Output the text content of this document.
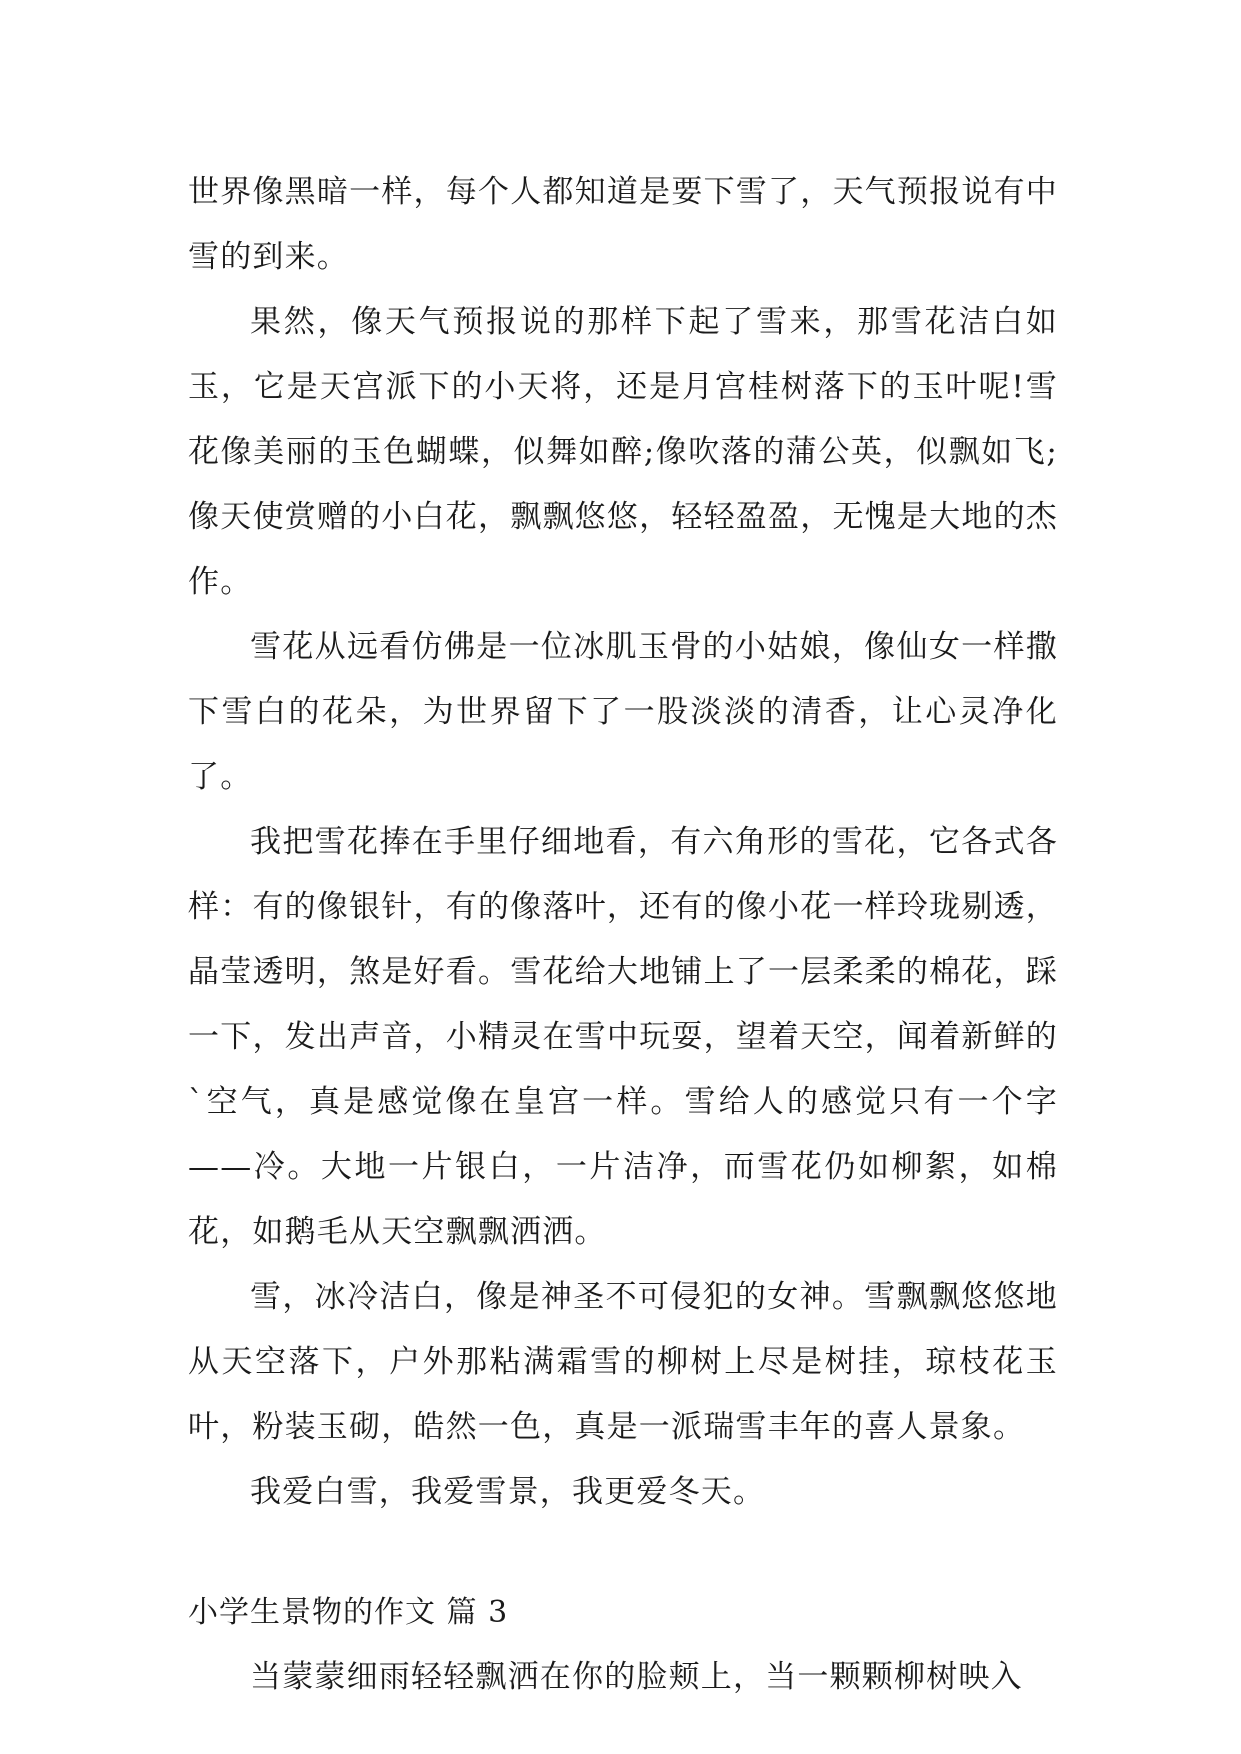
世界像黑暗一样，每个人都知道是要下雪了，天气预报说有中雪的到来。

果然，像天气预报说的那样下起了雪来，那雪花洁白如玉，它是天宫派下的小天将，还是月宫桂树落下的玉叶呢!雪花像美丽的玉色蝴蝶，似舞如醉;像吹落的蒲公英，似飘如飞;像天使赏赠的小白花，飘飘悠悠，轻轻盈盈，无愧是大地的杰作。

雪花从远看仿佛是一位冰肌玉骨的小姑娘，像仙女一样撒下雪白的花朵，为世界留下了一股淡淡的清香，让心灵净化了。

我把雪花捧在手里仔细地看，有六角形的雪花，它各式各样：有的像银针，有的像落叶，还有的像小花一样玲珑剔透，晶莹透明，煞是好看。雪花给大地铺上了一层柔柔的棉花，踩一下，发出声音，小精灵在雪中玩耍，望着天空，闻着新鲜的`空气，真是感觉像在皇宫一样。雪给人的感觉只有一个字——冷。大地一片银白，一片洁净，而雪花仍如柳絮，如棉花，如鹅毛从天空飘飘洒洒。

雪，冰冷洁白，像是神圣不可侵犯的女神。雪飘飘悠悠地从天空落下，户外那粘满霜雪的柳树上尽是树挂，琼枝花玉叶，粉装玉砌，皓然一色，真是一派瑞雪丰年的喜人景象。

我爱白雪，我爱雪景，我更爱冬天。

小学生景物的作文 篇 3

当蒙蒙细雨轻轻飘洒在你的脸颊上，当一颗颗柳树映入
